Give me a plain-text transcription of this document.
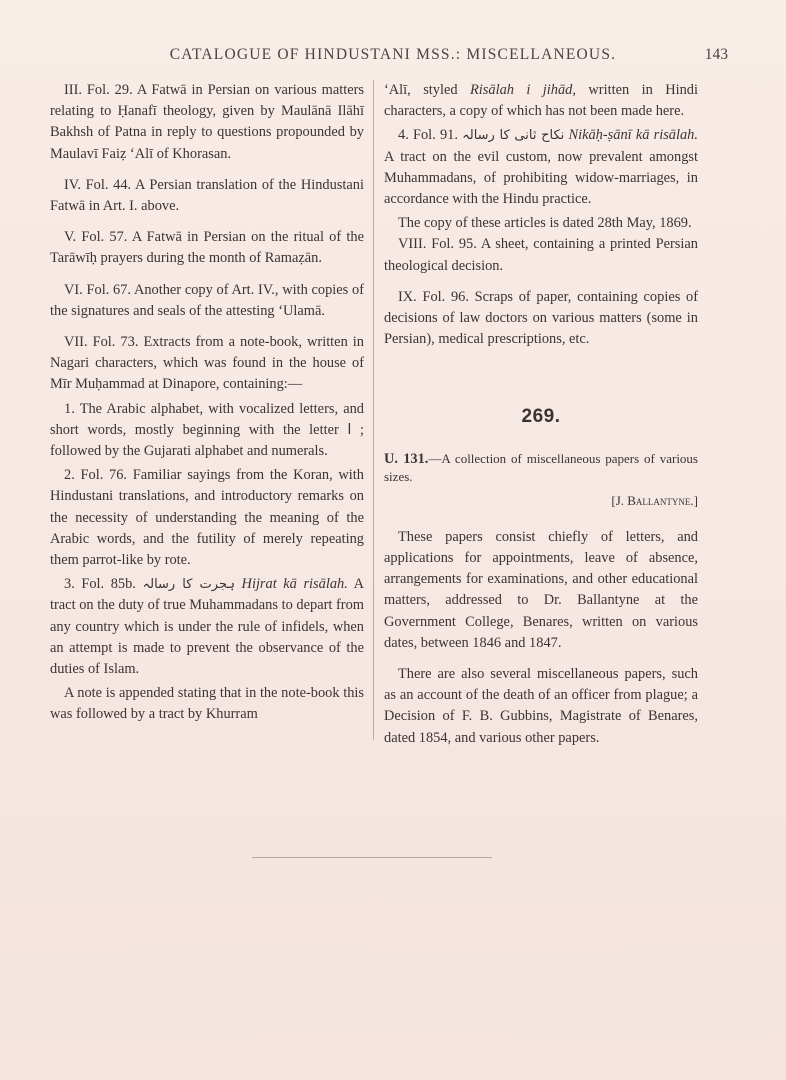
CATALOGUE OF HINDUSTANI MSS.: MISCELLANEOUS.	143

III. Fol. 29. A Fatwā in Persian on various matters relating to Ḥanafī theology, given by Maulānā Ilāhī Bakhsh of Patna in reply to questions propounded by Maulavī Faiẓ ʻAlī of Khorasan.

IV. Fol. 44. A Persian translation of the Hindustani Fatwā in Art. I. above.

V. Fol. 57. A Fatwā in Persian on the ritual of the Tarāwīḥ prayers during the month of Ramaẓān.

VI. Fol. 67. Another copy of Art. IV., with copies of the signatures and seals of the attesting ʻUlamā.

VII. Fol. 73. Extracts from a note-book, written in Nagari characters, which was found in the house of Mīr Muḥammad at Dinapore, containing:—

1. The Arabic alphabet, with vocalized letters, and short words, mostly beginning with the letter ا ; followed by the Gujarati alphabet and numerals.

2. Fol. 76. Familiar sayings from the Koran, with Hindustani translations, and introductory remarks on the necessity of understanding the meaning of the Arabic words, and the futility of merely repeating them parrot-like by rote.

3. Fol. 85b. ہجرت کا رسالہ Hijrat kā risālah. A tract on the duty of true Muhammadans to depart from any country which is under the rule of infidels, when an attempt is made to prevent the observance of the duties of Islam.

A note is appended stating that in the note-book this was followed by a tract by Khurram

ʻAlī, styled Risālah i jihād, written in Hindi characters, a copy of which has not been made here.

4. Fol. 91. نکاح ثانی کا رسالہ Nikāḥ-ṣānī kā risālah. A tract on the evil custom, now prevalent amongst Muhammadans, of prohibiting widow-marriages, in accordance with the Hindu practice.

The copy of these articles is dated 28th May, 1869.

VIII. Fol. 95. A sheet, containing a printed Persian theological decision.

IX. Fol. 96. Scraps of paper, containing copies of decisions of law doctors on various matters (some in Persian), medical prescriptions, etc.

269.

U. 131.—A collection of miscellaneous papers of various sizes.

[J. Ballantyne.]

These papers consist chiefly of letters, and applications for appointments, leave of absence, arrangements for examinations, and other educational matters, addressed to Dr. Ballantyne at the Government College, Benares, written on various dates, between 1846 and 1847.

There are also several miscellaneous papers, such as an account of the death of an officer from plague; a Decision of F. B. Gubbins, Magistrate of Benares, dated 1854, and various other papers.
